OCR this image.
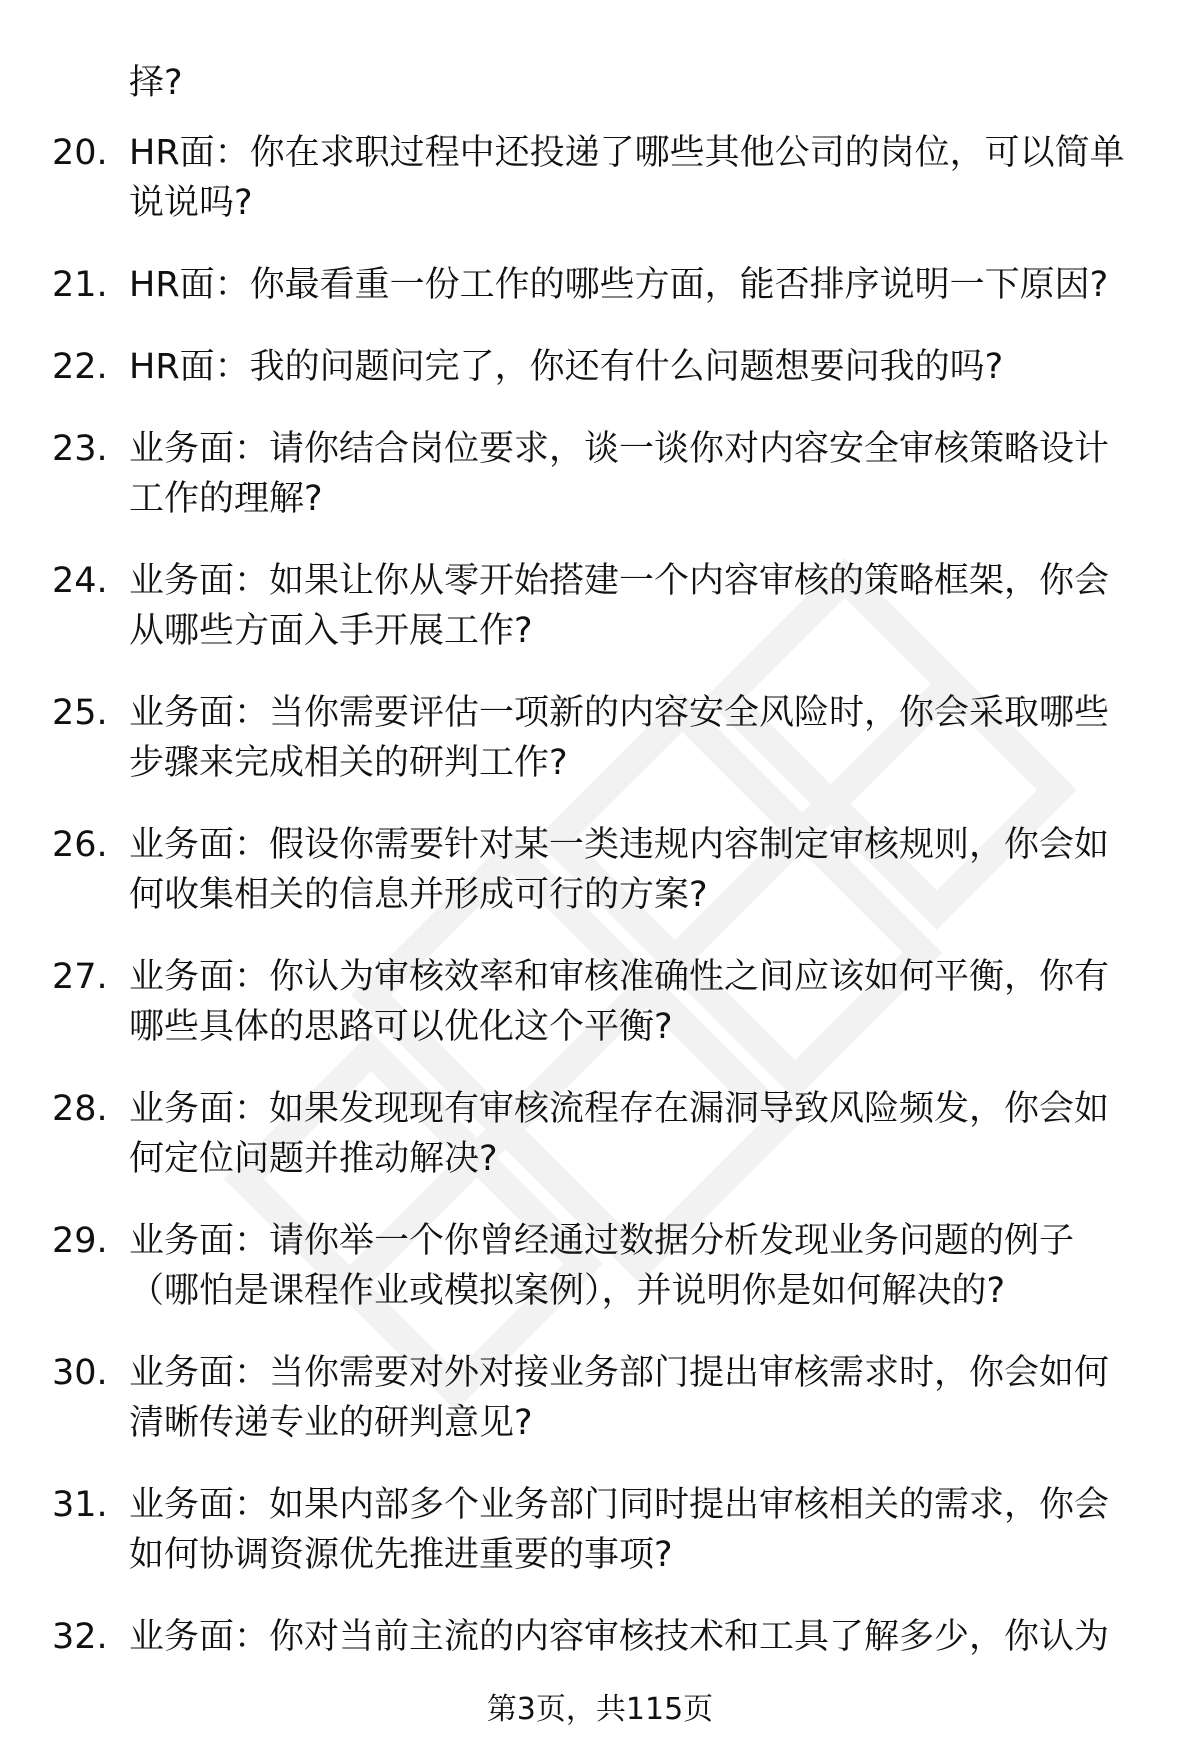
择?

20. HR面：你在求职过程中还投递了哪些其他公司的岗位，可以简单
说说吗?

21. HR面：你最看重一份工作的哪些方面，能否排序说明一下原因?

22. HR面：我的问题问完了，你还有什么问题想要问我的吗?

23. 业务面：请你结合岗位要求，谈一谈你对内容安全审核策略设计
工作的理解?

24. 业务面：如果让你从零开始搭建一个内容审核的策略框架，你会
从哪些方面入手开展工作?

25. 业务面：当你需要评估一项新的内容安全风险时，你会采取哪些
步骤来完成相关的研判工作?

26. 业务面：假设你需要针对某一类违规内容制定审核规则，你会如
何收集相关的信息并形成可行的方案?

27. 业务面：你认为审核效率和审核准确性之间应该如何平衡，你有
哪些具体的思路可以优化这个平衡?

28. 业务面：如果发现现有审核流程存在漏洞导致风险频发，你会如
何定位问题并推动解决?

29. 业务面：请你举一个你曾经通过数据分析发现业务问题的例子
（哪怕是课程作业或模拟案例），并说明你是如何解决的?

30. 业务面：当你需要对外对接业务部门提出审核需求时，你会如何
清晰传递专业的研判意见?

31. 业务面：如果内部多个业务部门同时提出审核相关的需求，你会
如何协调资源优先推进重要的事项?

32. 业务面：你对当前主流的内容审核技术和工具了解多少，你认为

第3页，共115页
